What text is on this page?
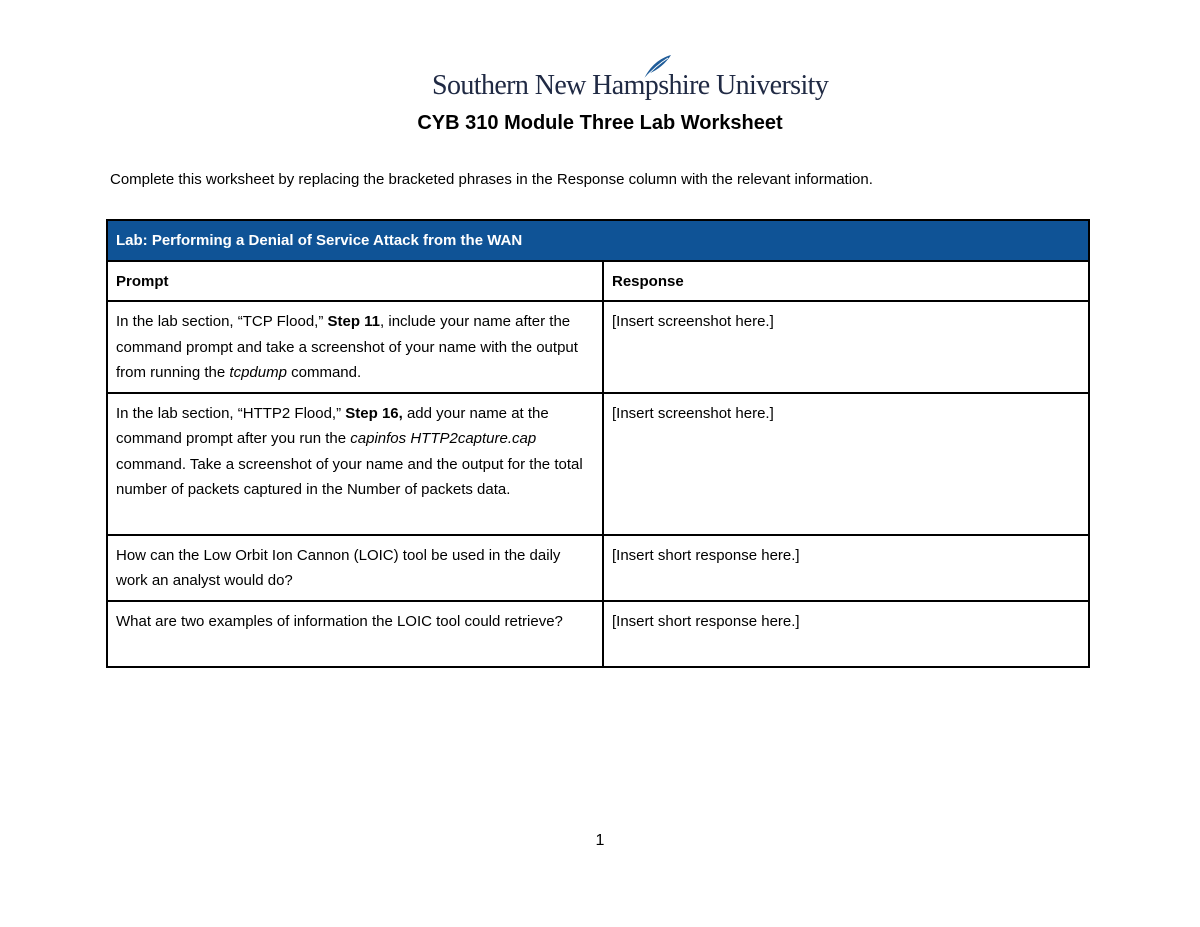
Southern New Hampshire University
CYB 310 Module Three Lab Worksheet
Complete this worksheet by replacing the bracketed phrases in the Response column with the relevant information.
Lab: Performing a Denial of Service Attack from the WAN	
Prompt	Response
In the lab section, “TCP Flood,” Step 11, include your name after the command prompt and take a screenshot of your name with the output from running the tcpdump command.	[Insert screenshot here.]
In the lab section, “HTTP2 Flood,” Step 16, add your name at the command prompt after you run the capinfos HTTP2capture.cap command. Take a screenshot of your name and the output for the total number of packets captured in the Number of packets data.	[Insert screenshot here.]
How can the Low Orbit Ion Cannon (LOIC) tool be used in the daily work an analyst would do?	[Insert short response here.]
What are two examples of information the LOIC tool could retrieve?	[Insert short response here.]
1
